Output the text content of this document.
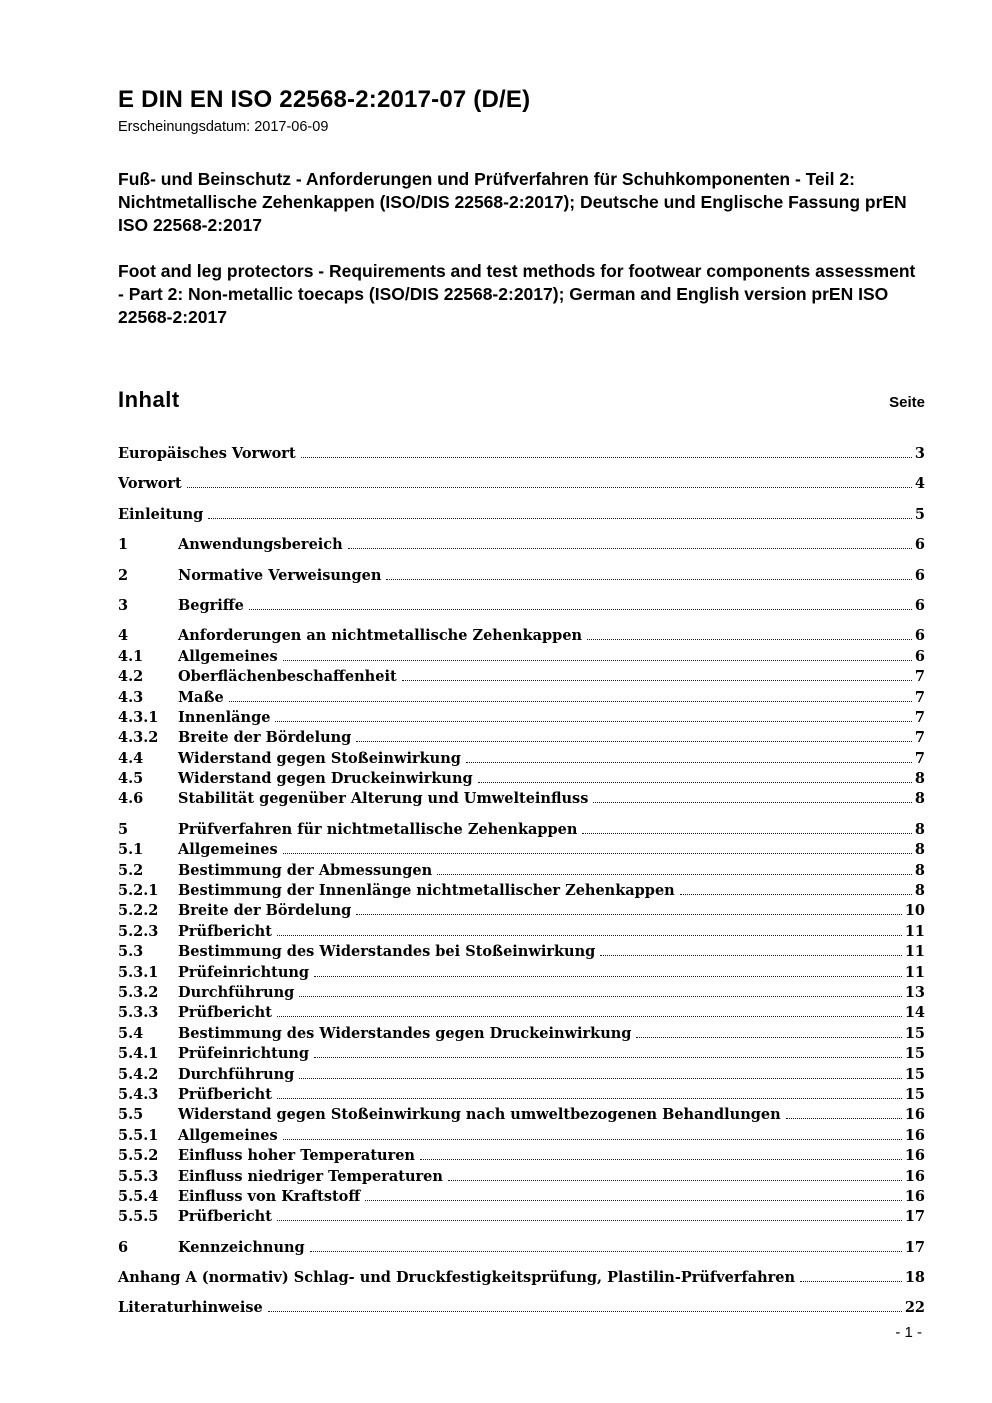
E DIN EN ISO 22568-2:2017-07 (D/E)
Erscheinungsdatum: 2017-06-09
Fuß- und Beinschutz - Anforderungen und Prüfverfahren für Schuhkomponenten - Teil 2: Nichtmetallische Zehenkappen (ISO/DIS 22568-2:2017); Deutsche und Englische Fassung prEN ISO 22568-2:2017
Foot and leg protectors - Requirements and test methods for footwear components assessment - Part 2: Non-metallic toecaps (ISO/DIS 22568-2:2017); German and English version prEN ISO 22568-2:2017
Inhalt	Seite
Europäisches Vorwort	3
Vorwort	4
Einleitung	5
1	Anwendungsbereich	6
2	Normative Verweisungen	6
3	Begriffe	6
4	Anforderungen an nichtmetallische Zehenkappen	6
4.1	Allgemeines	6
4.2	Oberflächenbeschaffenheit	7
4.3	Maße	7
4.3.1	Innenlänge	7
4.3.2	Breite der Bördelung	7
4.4	Widerstand gegen Stoßeinwirkung	7
4.5	Widerstand gegen Druckeinwirkung	8
4.6	Stabilität gegenüber Alterung und Umwelteinfluss	8
5	Prüfverfahren für nichtmetallische Zehenkappen	8
5.1	Allgemeines	8
5.2	Bestimmung der Abmessungen	8
5.2.1	Bestimmung der Innenlänge nichtmetallischer Zehenkappen	8
5.2.2	Breite der Bördelung	10
5.2.3	Prüfbericht	11
5.3	Bestimmung des Widerstandes bei Stoßeinwirkung	11
5.3.1	Prüfeinrichtung	11
5.3.2	Durchführung	13
5.3.3	Prüfbericht	14
5.4	Bestimmung des Widerstandes gegen Druckeinwirkung	15
5.4.1	Prüfeinrichtung	15
5.4.2	Durchführung	15
5.4.3	Prüfbericht	15
5.5	Widerstand gegen Stoßeinwirkung nach umweltbezogenen Behandlungen	16
5.5.1	Allgemeines	16
5.5.2	Einfluss hoher Temperaturen	16
5.5.3	Einfluss niedriger Temperaturen	16
5.5.4	Einfluss von Kraftstoff	16
5.5.5	Prüfbericht	17
6	Kennzeichnung	17
Anhang A (normativ) Schlag- und Druckfestigkeitsprüfung, Plastilin-Prüfverfahren	18
Literaturhinweise	22
- 1 -
